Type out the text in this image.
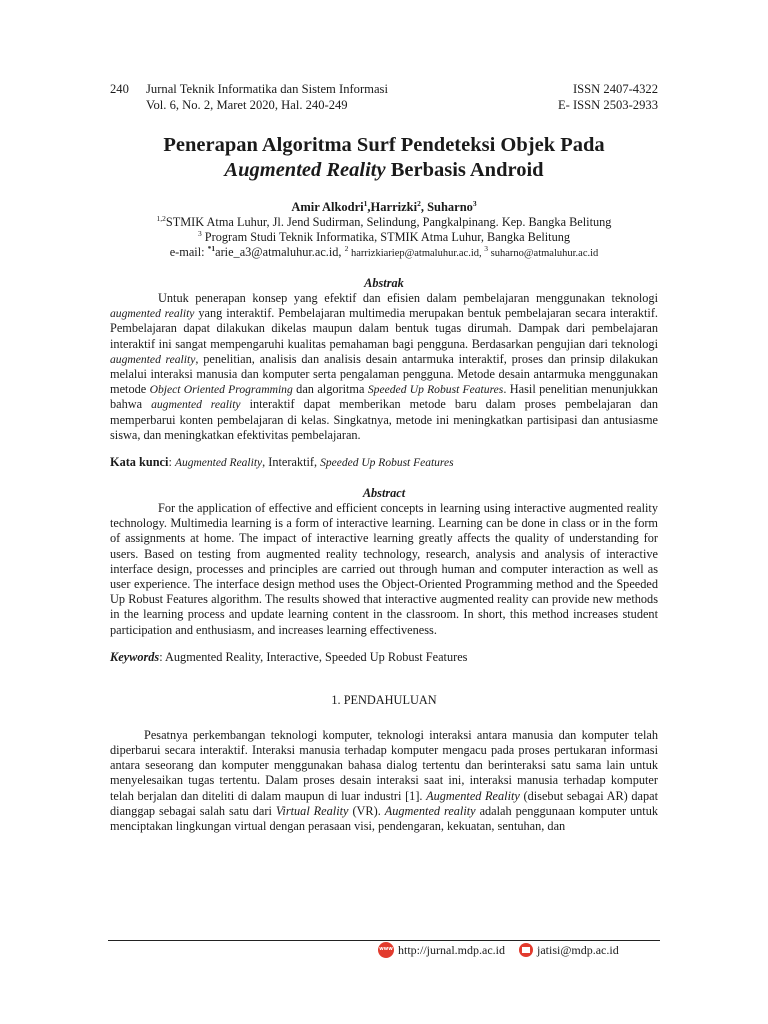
240	Jurnal Teknik Informatika dan Sistem Informasi
Vol. 6, No. 2, Maret 2020, Hal. 240-249
ISSN 2407-4322
E- ISSN 2503-2933
Penerapan Algoritma Surf Pendeteksi Objek Pada
Augmented Reality Berbasis Android
Amir Alkodri$^1$,Harrizki$^2$, Suharno$^3$
$^{1,2}$STMIK Atma Luhur, Jl. Jend Sudirman, Selindung, Pangkalpinang. Kep. Bangka Belitung
$^3$ Program Studi Teknik Informatika, STMIK Atma Luhur, Bangka Belitung
e-mail: $^{*1}$arie_a3@atmaluhur.ac.id, $^2$ harrizkiariep@atmaluhur.ac.id, $^3$ suharno@atmaluhur.ac.id
Abstrak

Untuk penerapan konsep yang efektif dan efisien dalam pembelajaran menggunakan teknologi augmented reality yang interaktif. Pembelajaran multimedia merupakan bentuk pembelajaran secara interaktif. Pembelajaran dapat dilakukan dikelas maupun dalam bentuk tugas dirumah. Dampak dari pembelajaran interaktif ini sangat mempengaruhi kualitas pemahaman bagi pengguna. Berdasarkan pengujian dari teknologi augmented reality, penelitian, analisis dan analisis desain antarmuka interaktif, proses dan prinsip dilakukan melalui interaksi manusia dan komputer serta pengalaman pengguna. Metode desain antarmuka menggunakan metode Object Oriented Programming dan algoritma Speeded Up Robust Features. Hasil penelitian menunjukkan bahwa augmented reality interaktif dapat memberikan metode baru dalam proses pembelajaran dan memperbarui konten pembelajaran di kelas. Singkatnya, metode ini meningkatkan partisipasi dan antusiasme siswa, dan meningkatkan efektivitas pembelajaran.

Kata kunci: Augmented Reality, Interaktif, Speeded Up Robust Features
Abstract

For the application of effective and efficient concepts in learning using interactive augmented reality technology. Multimedia learning is a form of interactive learning. Learning can be done in class or in the form of assignments at home. The impact of interactive learning greatly affects the quality of understanding for users. Based on testing from augmented reality technology, research, analysis and analysis of interactive interface design, processes and principles are carried out through human and computer interaction as well as user experience. The interface design method uses the Object-Oriented Programming method and the Speeded Up Robust Features algorithm. The results showed that interactive augmented reality can provide new methods in the learning process and update learning content in the classroom. In short, this method increases student participation and enthusiasm, and increases learning effectiveness.

Keywords: Augmented Reality, Interactive, Speeded Up Robust Features
1. PENDAHULUAN

Pesatnya perkembangan teknologi komputer, teknologi interaksi antara manusia dan komputer telah diperbarui secara interaktif. Interaksi manusia terhadap komputer mengacu pada proses pertukaran informasi antara seseorang dan komputer menggunakan bahasa dialog tertentu dan berinteraksi satu sama lain untuk menyelesaikan tugas tertentu. Dalam proses desain interaksi saat ini, interaksi manusia terhadap komputer telah berjalan dan diteliti di dalam maupun di luar industri [1]. Augmented Reality (disebut sebagai AR) dapat dianggap sebagai salah satu dari Virtual Reality (VR). Augmented reality adalah penggunaan komputer untuk menciptakan lingkungan virtual dengan perasaan visi, pendengaran, kekuatan, sentuhan, dan

www
http://jurnal.mdp.ac.id	jatisi@mdp.ac.id
